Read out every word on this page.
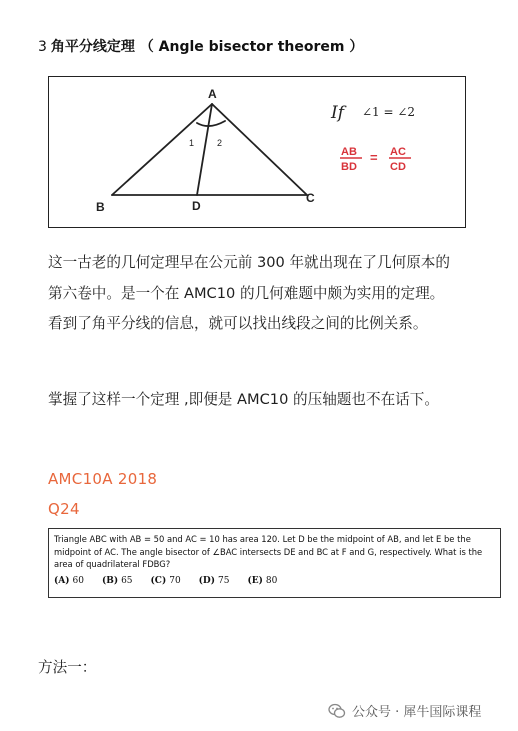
3 角平分线定理 （ Angle bisector theorem ）
A
B	D
C
1	2
If ∠1 = ∠2
AB
BD
= AC
CD
这一古老的几何定理早在公元前 300 年就出现在了几何原本的第六卷中。是一个在 AMC10 的几何难题中颇为实用的定理。看到了角平分线的信息，就可以找出线段之间的比例关系。
掌握了这样一个定理 ,即便是 AMC10 的压轴题也不在话下。
AMC10A 2018
Q24
Triangle ABC with AB = 50 and AC = 10 has area 120. Let D be the midpoint of AB, and let E be the midpoint of AC. The angle bisector of ∠BAC intersects DE and BC at F and G, respectively. What is the area of quadrilateral FDBG?
(A) 60 (B) 65 (C) 70 (D) 75 (E) 80
方法一：
公众号 · 犀牛国际课程
